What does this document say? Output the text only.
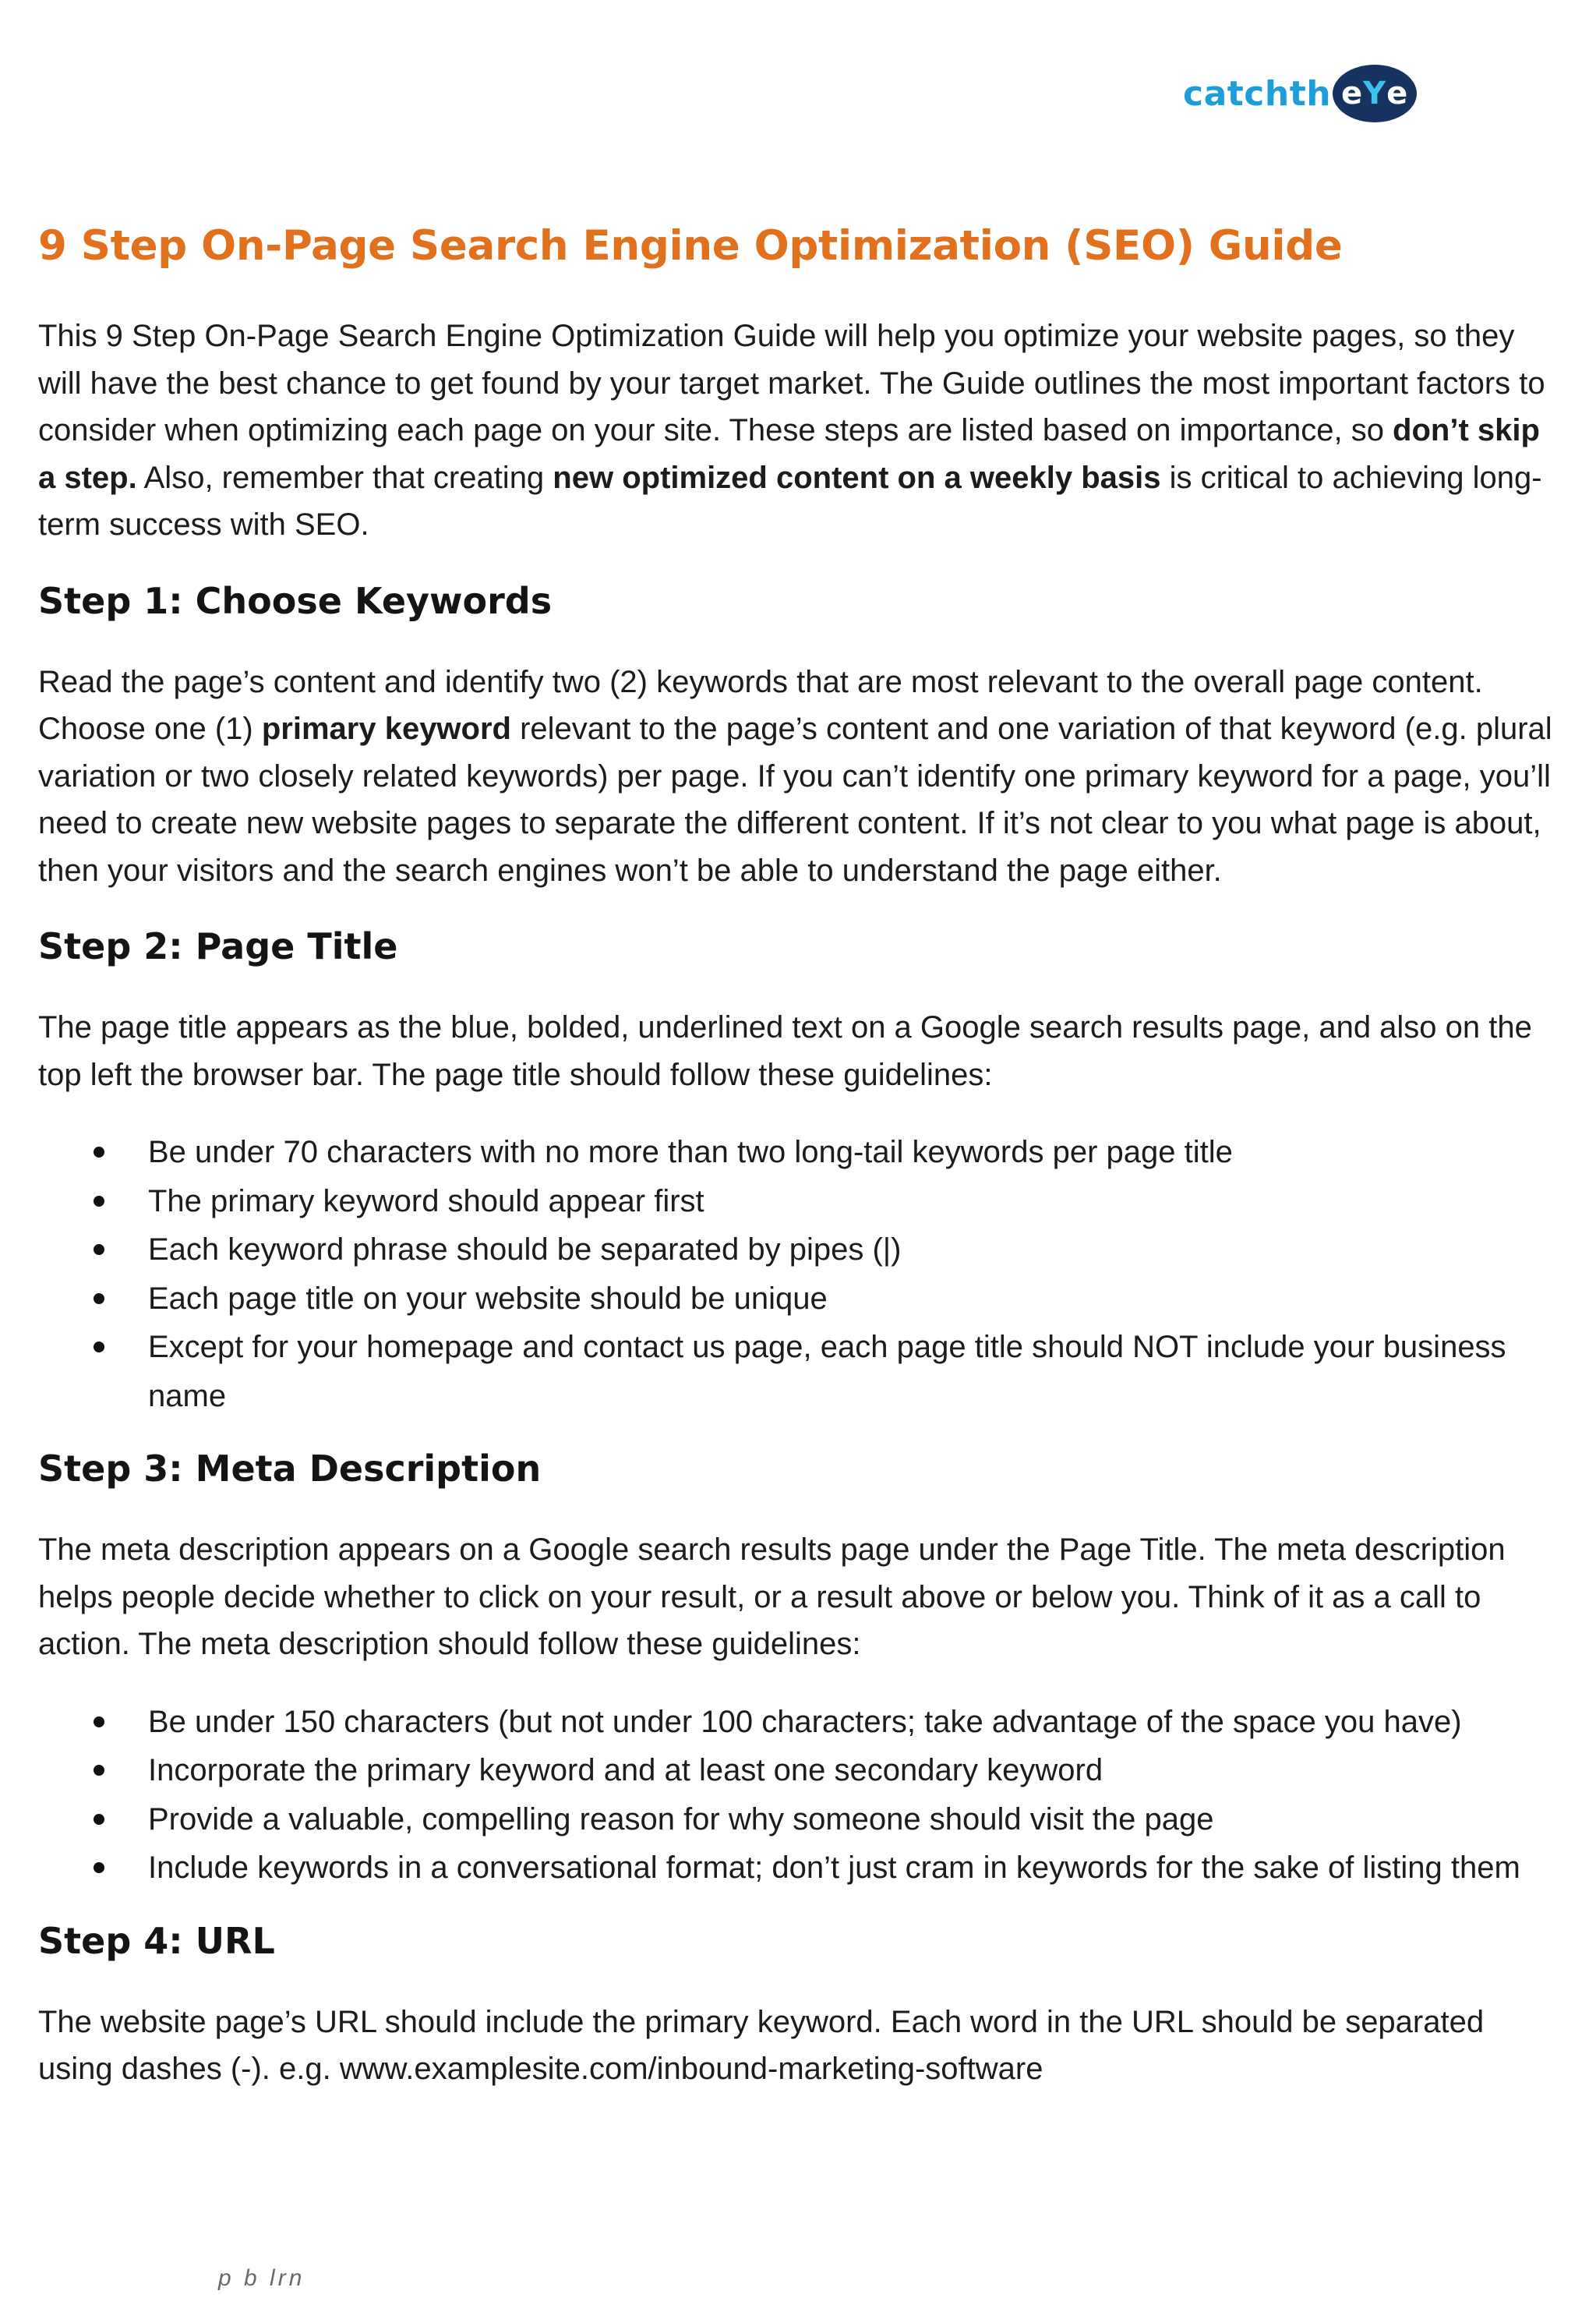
catchth e Y e
9 Step On-Page Search Engine Optimization (SEO) Guide

This 9 Step On-Page Search Engine Optimization Guide will help you optimize your website pages, so they will have the best chance to get found by your target market. The Guide outlines the most important factors to consider when optimizing each page on your site. These steps are listed based on importance, so don’t skip a step. Also, remember that creating new optimized content on a weekly basis is critical to achieving long-term success with SEO.

Step 1: Choose Keywords

Read the page’s content and identify two (2) keywords that are most relevant to the overall page content. Choose one (1) primary keyword relevant to the page’s content and one variation of that keyword (e.g. plural variation or two closely related keywords) per page. If you can’t identify one primary keyword for a page, you’ll need to create new website pages to separate the different content. If it’s not clear to you what page is about, then your visitors and the search engines won’t be able to understand the page either.

Step 2: Page Title

The page title appears as the blue, bolded, underlined text on a Google search results page, and also on the top left the browser bar. The page title should follow these guidelines:

Be under 70 characters with no more than two long-tail keywords per page title
The primary keyword should appear first
Each keyword phrase should be separated by pipes (|)
Each page title on your website should be unique
Except for your homepage and contact us page, each page title should NOT include your business name
Step 3: Meta Description

The meta description appears on a Google search results page under the Page Title. The meta description helps people decide whether to click on your result, or a result above or below you. Think of it as a call to action. The meta description should follow these guidelines:

Be under 150 characters (but not under 100 characters; take advantage of the space you have)
Incorporate the primary keyword and at least one secondary keyword
Provide a valuable, compelling reason for why someone should visit the page
Include keywords in a conversational format; don’t just cram in keywords for the sake of listing them
Step 4: URL

The website page’s URL should include the primary keyword. Each word in the URL should be separated using dashes (-). e.g. www.examplesite.com/inbound-marketing-software

p b lrn
